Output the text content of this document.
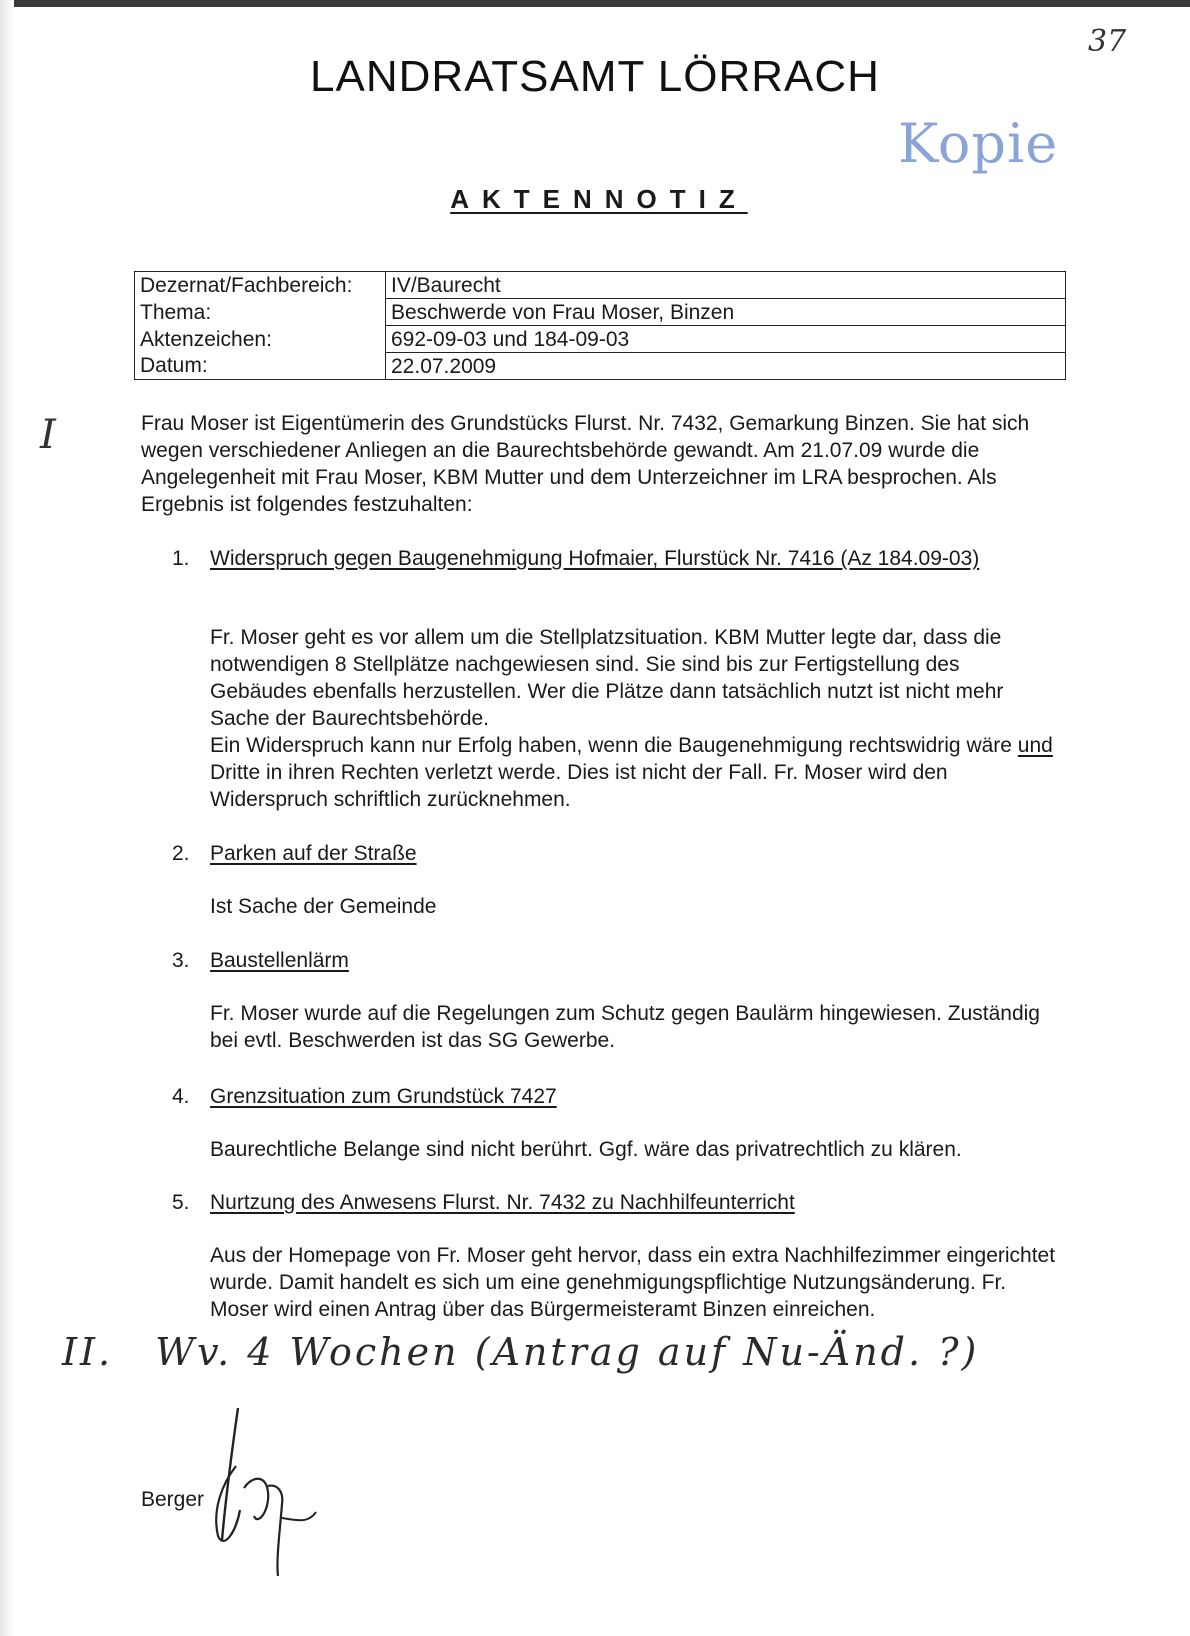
37
LANDRATSAMT LÖRRACH
Kopie
AKTENNOTIZ
Dezernat/Fachbereich:	IV/Baurecht
Thema:	Beschwerde von Frau Moser, Binzen
Aktenzeichen:	692-09-03 und 184-09-03
Datum:	22.07.2009
I	Frau Moser ist Eigentümerin des Grundstücks Flurst. Nr. 7432, Gemarkung Binzen. Sie hat sich wegen verschiedener Anliegen an die Baurechtsbehörde gewandt. Am 21.07.09 wurde die Angelegenheit mit Frau Moser, KBM Mutter und dem Unterzeichner im LRA besprochen. Als Ergebnis ist folgendes festzuhalten:
1. Widerspruch gegen Baugenehmigung Hofmaier, Flurstück Nr. 7416 (Az 184.09-03)
Fr. Moser geht es vor allem um die Stellplatzsituation. KBM Mutter legte dar, dass die notwendigen 8 Stellplätze nachgewiesen sind. Sie sind bis zur Fertigstellung des Gebäudes ebenfalls herzustellen. Wer die Plätze dann tatsächlich nutzt ist nicht mehr Sache der Baurechtsbehörde.
Ein Widerspruch kann nur Erfolg haben, wenn die Baugenehmigung rechtswidrig wäre und Dritte in ihren Rechten verletzt werde. Dies ist nicht der Fall. Fr. Moser wird den Widerspruch schriftlich zurücknehmen.
2. Parken auf der Straße
Ist Sache der Gemeinde
3. Baustellenlärm
Fr. Moser wurde auf die Regelungen zum Schutz gegen Baulärm hingewiesen. Zuständig bei evtl. Beschwerden ist das SG Gewerbe.
4. Grenzsituation zum Grundstück 7427
Baurechtliche Belange sind nicht berührt. Ggf. wäre das privatrechtlich zu klären.
5. Nurtzung des Anwesens Flurst. Nr. 7432 zu Nachhilfeunterricht
Aus der Homepage von Fr. Moser geht hervor, dass ein extra Nachhilfezimmer eingerichtet wurde. Damit handelt es sich um eine genehmigungspflichtige Nutzungsänderung. Fr. Moser wird einen Antrag über das Bürgermeisteramt Binzen einreichen.
II. Wv. 4 Wochen (Antrag auf Nu-Änd. ?)
Berger
